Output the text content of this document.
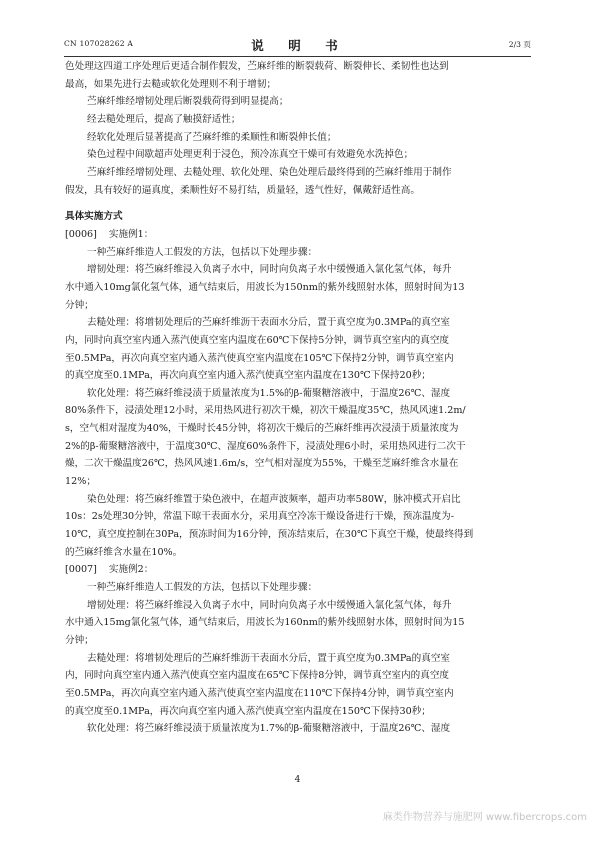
CN 107028262 A	说　明　书	2/3 页
色处理这四道工序处理后更适合制作假发，苎麻纤维的断裂载荷、断裂伸长、柔韧性也达到
最高，如果先进行去糙或软化处理则不利于增韧；
苎麻纤维经增韧处理后断裂载荷得到明显提高；
经去糙处理后，提高了触摸舒适性；
经软化处理后显著提高了苎麻纤维的柔顺性和断裂伸长值；
染色过程中间歇超声处理更利于浸色，预冷冻真空干燥可有效避免水洗掉色；
苎麻纤维经增韧处理、去糙处理、软化处理、染色处理后最终得到的苎麻纤维用于制作
假发，具有较好的逼真度，柔顺性好不易打结，质量轻，透气性好，佩戴舒适性高。
具体实施方式
[0006] 实施例1：
一种苎麻纤维造人工假发的方法，包括以下处理步骤：
增韧处理：将苎麻纤维浸入负离子水中，同时向负离子水中缓慢通入氯化氢气体，每升
水中通入10mg氯化氢气体，通气结束后，用波长为150nm的紫外线照射水体，照射时间为13
分钟；
去糙处理：将增韧处理后的苎麻纤维沥干表面水分后，置于真空度为0.3MPa的真空室
内，同时向真空室内通入蒸汽使真空室内温度在60℃下保持5分钟，调节真空室内的真空度
至0.5MPa，再次向真空室内通入蒸汽使真空室内温度在105℃下保持2分钟，调节真空室内
的真空度至0.1MPa，再次向真空室内通入蒸汽使真空室内温度在130℃下保持20秒；
软化处理：将苎麻纤维浸渍于质量浓度为1.5%的β-葡聚糖溶液中，于温度26℃、湿度
80%条件下，浸渍处理12小时，采用热风进行初次干燥，初次干燥温度35℃，热风风速1.2m/
s，空气相对湿度为40%，干燥时长45分钟，将初次干燥后的苎麻纤维再次浸渍于质量浓度为
2%的β-葡聚糖溶液中，于温度30℃、湿度60%条件下，浸渍处理6小时，采用热风进行二次干
燥，二次干燥温度26℃，热风风速1.6m/s，空气相对湿度为55%，干燥至芝麻纤维含水量在
12%；
染色处理：将苎麻纤维置于染色液中，在超声波频率，超声功率580W，脉冲模式开启比
10s：2s处理30分钟，常温下晾干表面水分，采用真空冷冻干燥设备进行干燥，预冻温度为-
10℃，真空度控制在30Pa，预冻时间为16分钟，预冻结束后，在30℃下真空干燥，使最终得到
的苎麻纤维含水量在10%。
[0007] 实施例2：
一种苎麻纤维造人工假发的方法，包括以下处理步骤：
增韧处理：将苎麻纤维浸入负离子水中，同时向负离子水中缓慢通入氯化氢气体，每升
水中通入15mg氯化氢气体，通气结束后，用波长为160nm的紫外线照射水体，照射时间为15
分钟；
去糙处理：将增韧处理后的苎麻纤维沥干表面水分后，置于真空度为0.3MPa的真空室
内，同时向真空室内通入蒸汽使真空室内温度在65℃下保持8分钟，调节真空室内的真空度
至0.5MPa，再次向真空室内通入蒸汽使真空室内温度在110℃下保持4分钟，调节真空室内
的真空度至0.1MPa，再次向真空室内通入蒸汽使真空室内温度在150℃下保持30秒；
软化处理：将苎麻纤维浸渍于质量浓度为1.7%的β-葡聚糖溶液中，于温度26℃、湿度
4
麻类作物营养与施肥网 www.fibercrops.com
